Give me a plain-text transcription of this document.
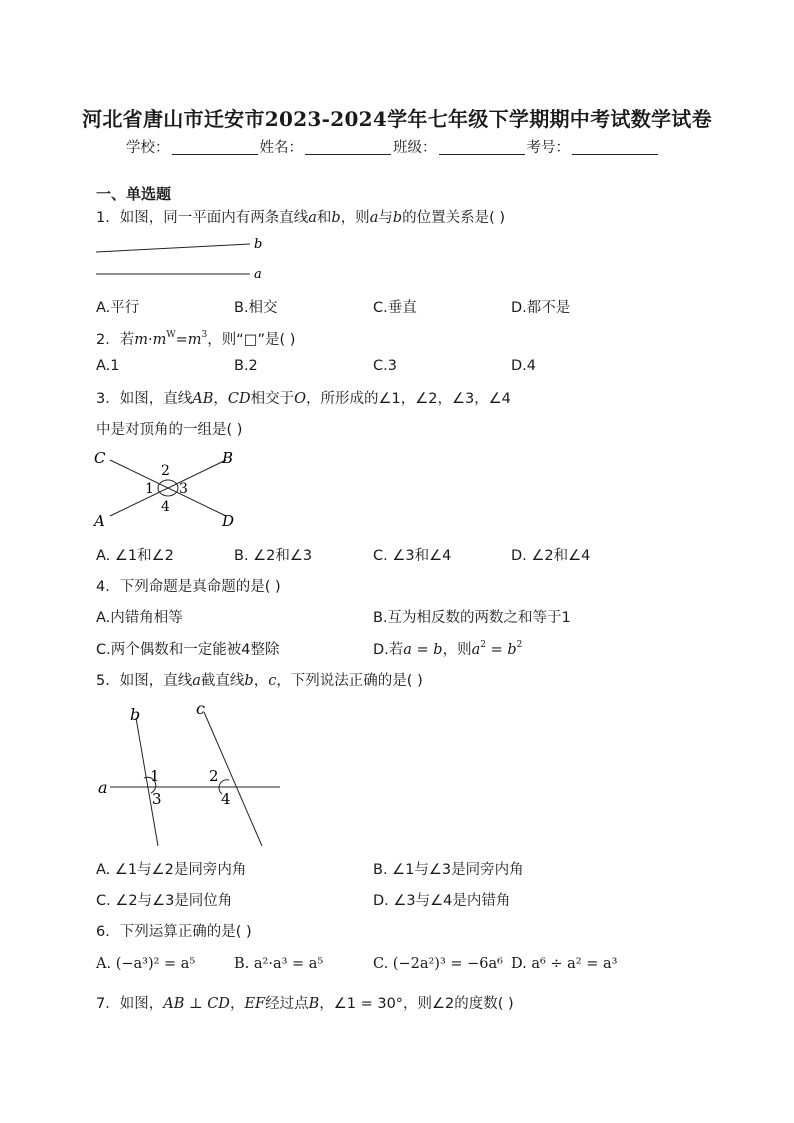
河北省唐山市迁安市2023-2024学年七年级下学期期中考试数学试卷
学校：	姓名：	班级：	考号：
一、单选题
1．如图，同一平面内有两条直线a和b，则a与b的位置关系是( )
b
a
A.平行	B.相交	C.垂直	D.都不是
2．若$m\cdot m^W=m^3$，则“□”是( )
A.1	B.2	C.3	D.4
3．如图，直线AB，CD相交于O，所形成的∠1，∠2，∠3，∠4
中是对顶角的一组是( )
C	B
A	D
1
2
3
4
A. ∠1和∠2	B. ∠2和∠3	C. ∠3和∠4	D. ∠2和∠4
4．下列命题是真命题的是( )
A.内错角相等	B.互为相反数的两数之和等于1
C.两个偶数和一定能被4整除	D.若a = b，则$a^2 = b^2$
5．如图，直线a截直线b，c，下列说法正确的是( )
a
b	c
1
3
2
4
A. ∠1与∠2是同旁内角	B. ∠1与∠3是同旁内角
C. ∠2与∠3是同位角	D. ∠3与∠4是内错角
6．下列运算正确的是( )
A. (−a³)² = a⁵	B. a²·a³ = a⁵	C. (−2a²)³ = −6a⁶ D. a⁶ ÷ a² = a³
7．如图，AB ⊥ CD，EF经过点B，∠1 = 30°，则∠2的度数( )
